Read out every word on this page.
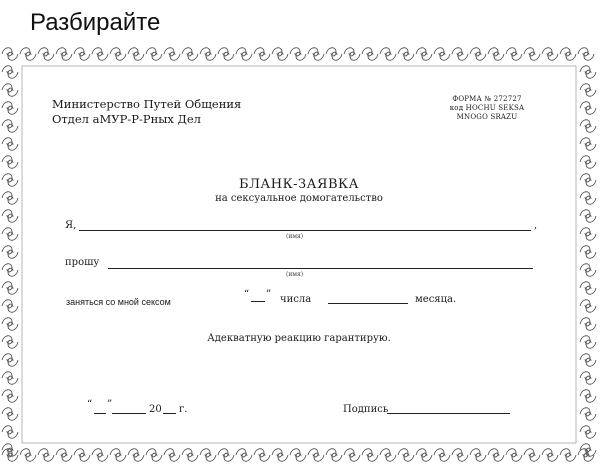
Разбирайте
Министерство Путей Общения
Отдел аМУР-Р-Рных Дел
ФОРМА № 272727
код HOCHU SEKSA
MNOGO SRAZU
БЛАНК-ЗАЯВКА
на сексуальное домогательство
Я,	,
(имя)
прошу
(имя)
заняться со мной сексом
“ ” числа	месяца.
Адекватную реакцию гарантирую.
“ ”	20 г.	Подпись
